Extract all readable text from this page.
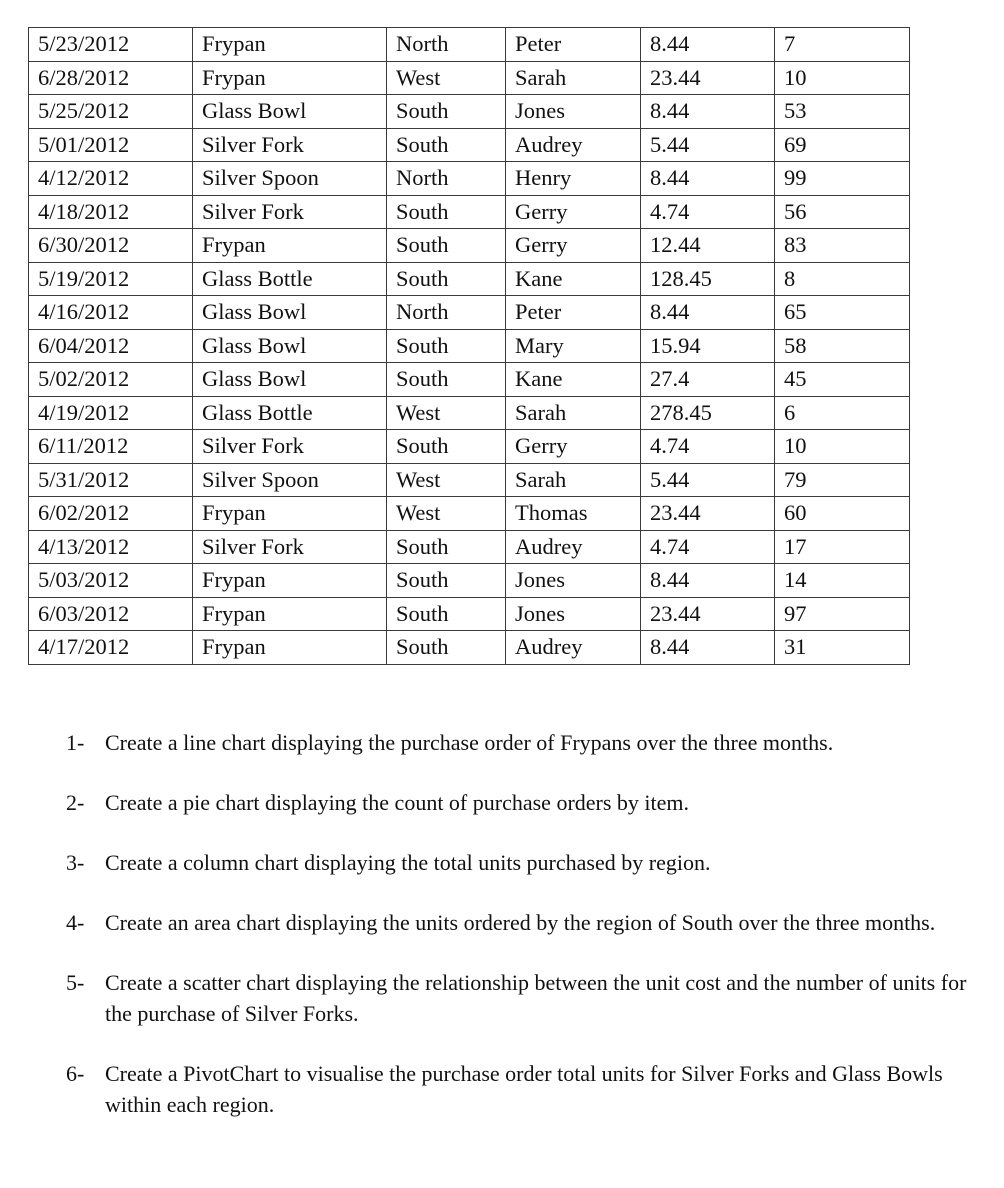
5/23/2012	Frypan	North	Peter	8.44	7
6/28/2012	Frypan	West	Sarah	23.44	10
5/25/2012	Glass Bowl	South	Jones	8.44	53
5/01/2012	Silver Fork	South	Audrey	5.44	69
4/12/2012	Silver Spoon	North	Henry	8.44	99
4/18/2012	Silver Fork	South	Gerry	4.74	56
6/30/2012	Frypan	South	Gerry	12.44	83
5/19/2012	Glass Bottle	South	Kane	128.45	8
4/16/2012	Glass Bowl	North	Peter	8.44	65
6/04/2012	Glass Bowl	South	Mary	15.94	58
5/02/2012	Glass Bowl	South	Kane	27.4	45
4/19/2012	Glass Bottle	West	Sarah	278.45	6
6/11/2012	Silver Fork	South	Gerry	4.74	10
5/31/2012	Silver Spoon	West	Sarah	5.44	79
6/02/2012	Frypan	West	Thomas	23.44	60
4/13/2012	Silver Fork	South	Audrey	4.74	17
5/03/2012	Frypan	South	Jones	8.44	14
6/03/2012	Frypan	South	Jones	23.44	97
4/17/2012	Frypan	South	Audrey	8.44	31
1- Create a line chart displaying the purchase order of Frypans over the three months.
2- Create a pie chart displaying the count of purchase orders by item.
3- Create a column chart displaying the total units purchased by region.
4- Create an area chart displaying the units ordered by the region of South over the three months.
5- Create a scatter chart displaying the relationship between the unit cost and the number of units for the purchase of Silver Forks.
6- Create a PivotChart to visualise the purchase order total units for Silver Forks and Glass Bowls within each region.
